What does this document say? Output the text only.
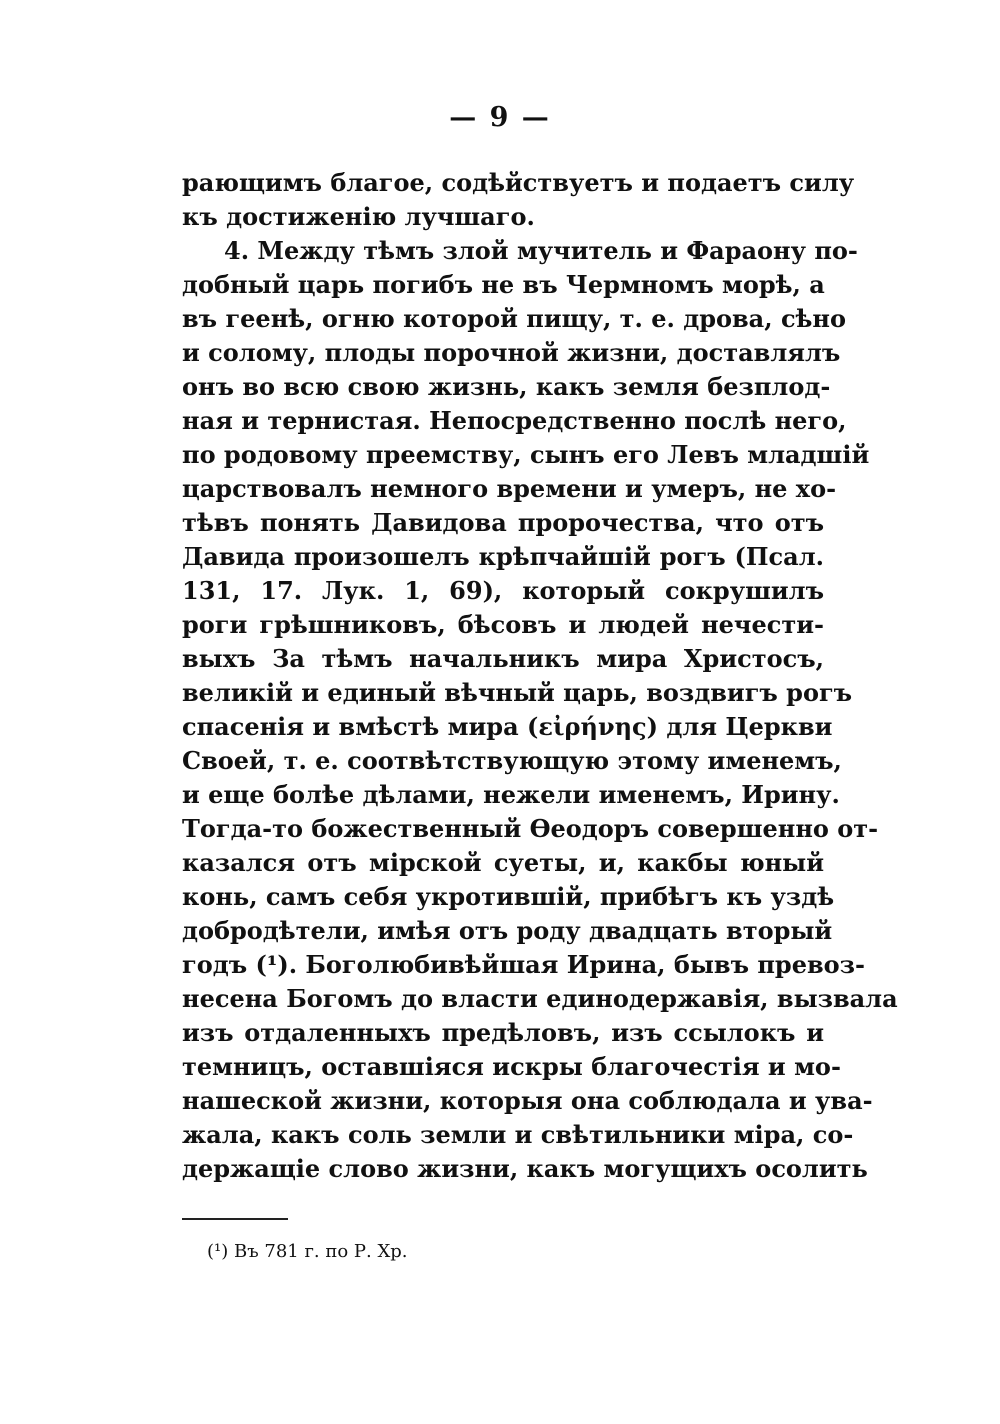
— 9 —
рающимъ благое, содѣйствуетъ и подаетъ силу
къ достиженію лучшаго.
4. Между тѣмъ злой мучитель и Фараону по-
добный царь погибъ не въ Чермномъ морѣ, а
въ геенѣ, огню которой пищу, т. е. дрова, сѣно
и солому, плоды порочной жизни, доставлялъ
онъ во всю свою жизнь, какъ земля безплод-
ная и тернистая. Непосредственно послѣ него,
по родовому преемству, сынъ его Левъ младшій
царствовалъ немного времени и умеръ, не хо-
тѣвъ понять Давидова пророчества, что отъ
Давида произошелъ крѣпчайшій рогъ (Псал.
131, 17. Лук. 1, 69), который сокрушилъ
роги грѣшниковъ, бѣсовъ и людей нечести-
выхъ За тѣмъ начальникъ мира Христосъ,
великій и единый вѣчный царь, воздвигъ рогъ
спасенія и вмѣстѣ мира (εἰρήνης) для Церкви
Своей, т. е. соотвѣтствующую этому именемъ,
и еще болѣе дѣлами, нежели именемъ, Ирину.
Тогда-то божественный Ѳеодоръ совершенно от-
казался отъ мірской суеты, и, какбы юный
конь, самъ себя укротившій, прибѣгъ къ уздѣ
добродѣтели, имѣя отъ роду двадцать вторый
годъ (¹). Боголюбивѣйшая Ирина, бывъ превоз-
несена Богомъ до власти единодержавія, вызвала
изъ отдаленныхъ предѣловъ, изъ ссылокъ и
темницъ, оставшіяся искры благочестія и мо-
нашеской жизни, которыя она соблюдала и ува-
жала, какъ соль земли и свѣтильники міра, со-
держащіе слово жизни, какъ могущихъ осолить
(¹) Въ 781 г. по Р. Хр.
